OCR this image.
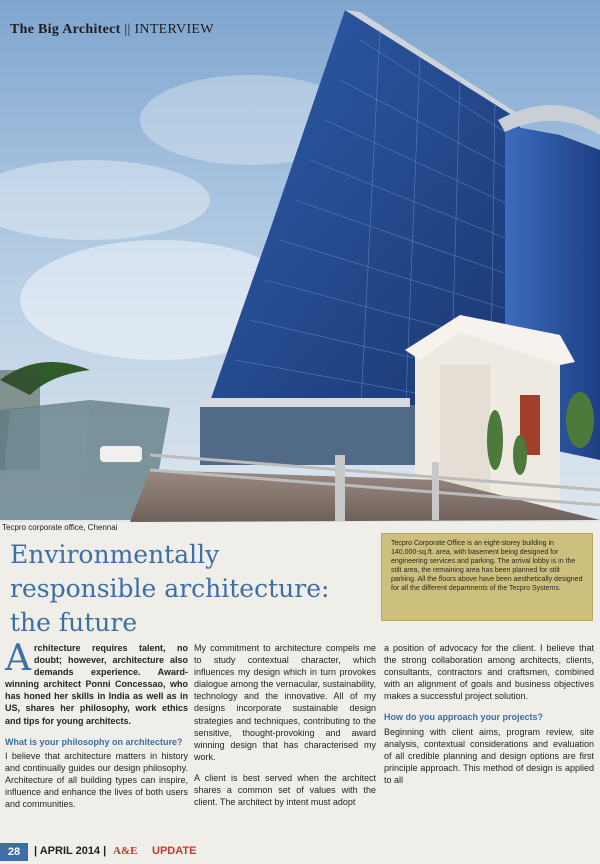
The Big Architect || INTERVIEW
Tecpro corporate office, Chennai
Environmentally responsible architecture: the future
Tecpro Corporate Office is an eight-storey building in 140,000-sq.ft. area, with basement being designed for engineering services and parking. The arrival lobby is in the stilt area, the remaining area has been planned for stilt parking. All the floors above have been aesthetically designed for all the different departments of the Tecpro Systems.

Architecture requires talent, no doubt; however, architecture also demands experience. Award-winning architect Ponni Concessao, who has honed her skills in India as well as in US, shares her philosophy, work ethics and tips for young architects.

What is your philosophy on architecture?

I believe that architecture matters in history and continually guides our design philosophy. Architecture of all building types can inspire, influence and enhance the lives of both users and communities.

My commitment to architecture compels me to study contextual character, which influences my design which in turn provokes dialogue among the vernacular, sustainability, technology and the innovative. All of my designs incorporate sustainable design strategies and techniques, contributing to the sensitive, thought-provoking and award winning design that has characterised my work.

A client is best served when the architect shares a common set of values with the client. The architect by intent must adopt

a position of advocacy for the client. I believe that the strong collaboration among architects, clients, consultants, contractors and craftsmen, combined with an alignment of goals and business objectives makes a successful project solution.

How do you approach your projects?

Beginning with client aims, program review, site analysis, contextual considerations and evaluation of all credible planning and design options are first principle approach. This method of design is applied to all

28	| APRIL 2014 | A&E UPDATE
